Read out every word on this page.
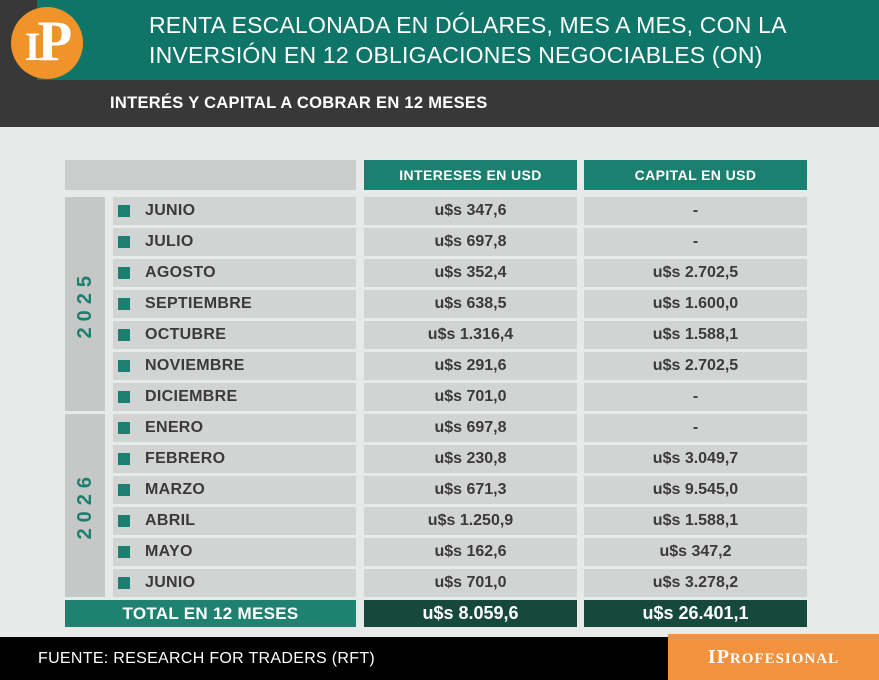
RENTA ESCALONADA EN DÓLARES, MES A MES, CON LA
INVERSIÓN EN 12 OBLIGACIONES NEGOCIABLES (ON)
I P
INTERÉS Y CAPITAL A COBRAR EN 12 MESES
INTERESES EN USD	CAPITAL EN USD
TOTAL EN 12 MESES	u$s 8.059,6	u$s 26.401,1
2025
JUNIO	u$s 347,6	-
JULIO	u$s 697,8	-
AGOSTO	u$s 352,4	u$s 2.702,5
SEPTIEMBRE	u$s 638,5	u$s 1.600,0
OCTUBRE	u$s 1.316,4	u$s 1.588,1
NOVIEMBRE	u$s 291,6	u$s 2.702,5
DICIEMBRE	u$s 701,0	-
2026
ENERO	u$s 697,8	-
FEBRERO	u$s 230,8	u$s 3.049,7
MARZO	u$s 671,3	u$s 9.545,0
ABRIL	u$s 1.250,9	u$s 1.588,1
MAYO	u$s 162,6	u$s 347,2
JUNIO	u$s 701,0	u$s 3.278,2
FUENTE: RESEARCH FOR TRADERS (RFT)	IPROFESIONAL
